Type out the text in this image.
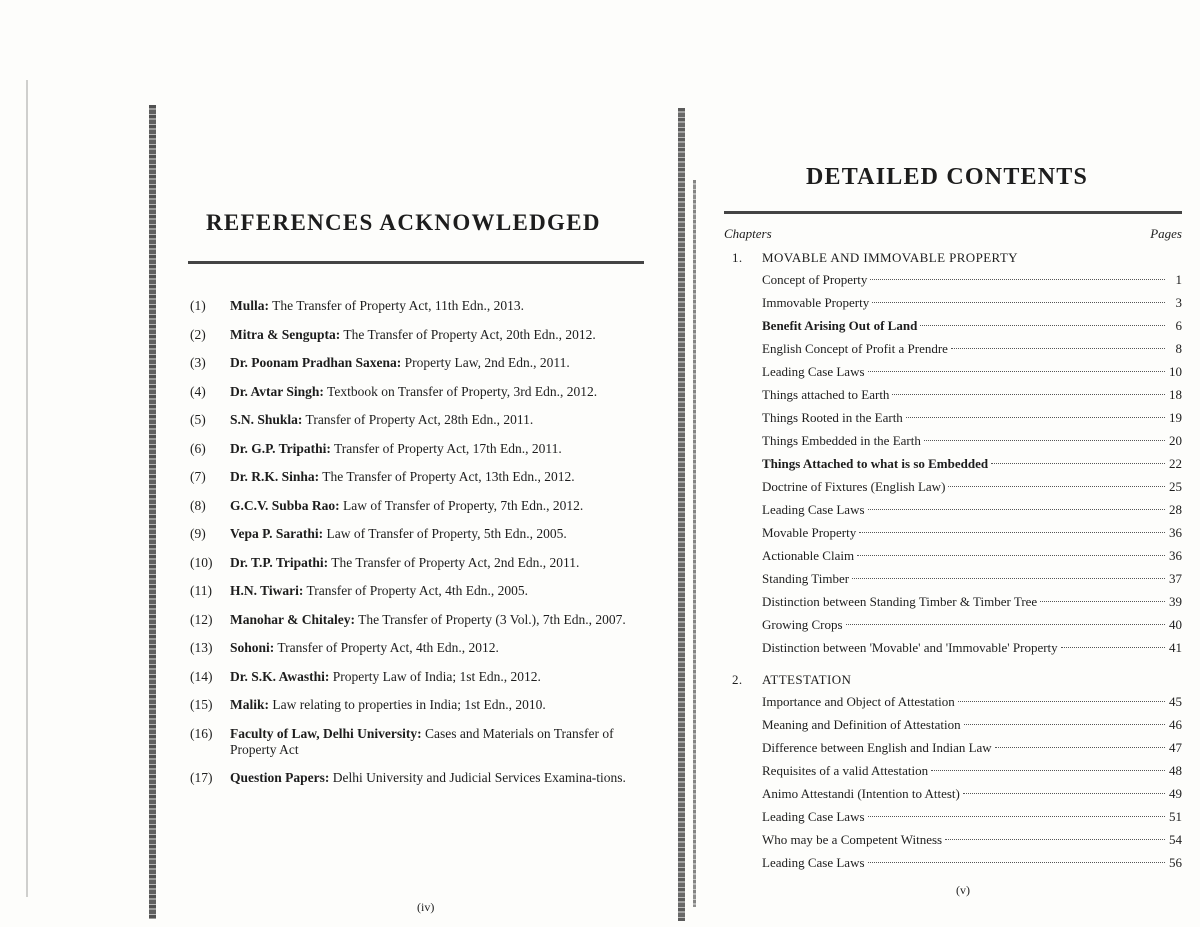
REFERENCES ACKNOWLEDGED
(1)	Mulla: The Transfer of Property Act, 11th Edn., 2013.
(2)	Mitra & Sengupta: The Transfer of Property Act, 20th Edn., 2012.
(3)	Dr. Poonam Pradhan Saxena: Property Law, 2nd Edn., 2011.
(4)	Dr. Avtar Singh: Textbook on Transfer of Property, 3rd Edn., 2012.
(5)	S.N. Shukla: Transfer of Property Act, 28th Edn., 2011.
(6)	Dr. G.P. Tripathi: Transfer of Property Act, 17th Edn., 2011.
(7)	Dr. R.K. Sinha: The Transfer of Property Act, 13th Edn., 2012.
(8)	G.C.V. Subba Rao: Law of Transfer of Property, 7th Edn., 2012.
(9)	Vepa P. Sarathi: Law of Transfer of Property, 5th Edn., 2005.
(10)	Dr. T.P. Tripathi: The Transfer of Property Act, 2nd Edn., 2011.
(11)	H.N. Tiwari: Transfer of Property Act, 4th Edn., 2005.
(12)	Manohar & Chitaley: The Transfer of Property (3 Vol.), 7th Edn., 2007.
(13)	Sohoni: Transfer of Property Act, 4th Edn., 2012.
(14)	Dr. S.K. Awasthi: Property Law of India; 1st Edn., 2012.
(15)	Malik: Law relating to properties in India; 1st Edn., 2010.
(16)	Faculty of Law, Delhi University: Cases and Materials on Transfer of Property Act
(17)	Question Papers: Delhi University and Judicial Services Examina-tions.
(iv)
DETAILED CONTENTS
Chapters	Pages
1.	MOVABLE AND IMMOVABLE PROPERTY
Concept of Property	1
Immovable Property	3
Benefit Arising Out of Land	6
English Concept of Profit a Prendre	8
Leading Case Laws	10
Things attached to Earth	18
Things Rooted in the Earth	19
Things Embedded in the Earth	20
Things Attached to what is so Embedded	22
Doctrine of Fixtures (English Law)	25
Leading Case Laws	28
Movable Property	36
Actionable Claim	36
Standing Timber	37
Distinction between Standing Timber & Timber Tree	39
Growing Crops	40
Distinction between 'Movable' and 'Immovable' Property	41
2.	ATTESTATION
Importance and Object of Attestation	45
Meaning and Definition of Attestation	46
Difference between English and Indian Law	47
Requisites of a valid Attestation	48
Animo Attestandi (Intention to Attest)	49
Leading Case Laws	51
Who may be a Competent Witness	54
Leading Case Laws	56
(v)
